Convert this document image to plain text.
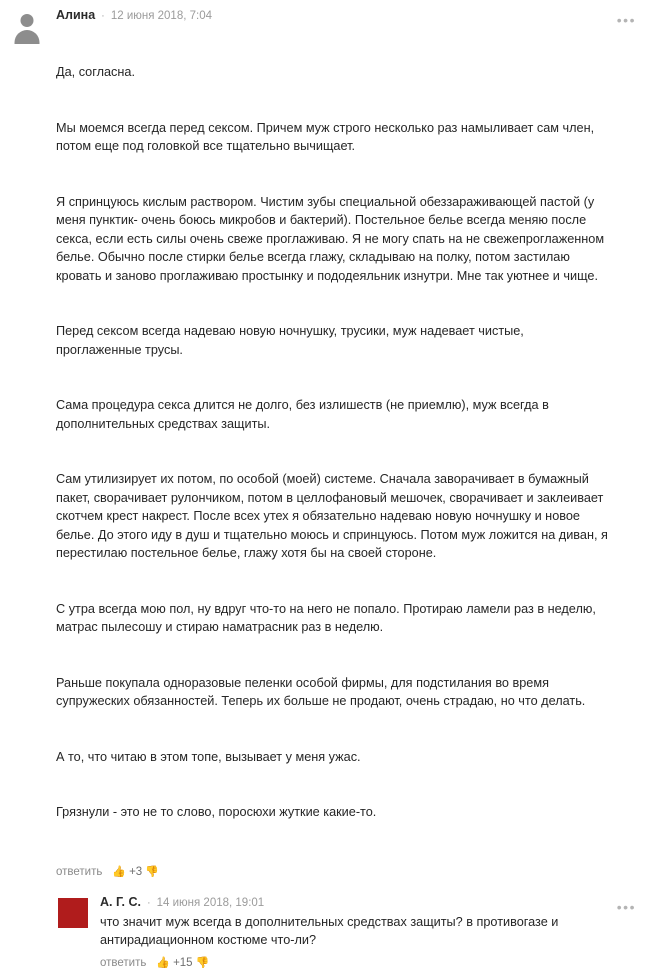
Алина · 12 июня 2018, 7:04

Да, согласна.

Мы моемся всегда перед сексом. Причем муж строго несколько раз намыливает сам член, потом еще под головкой все тщательно вычищает.

Я спринцуюсь кислым раствором. Чистим зубы специальной обеззараживающей пастой (у меня пунктик- очень боюсь микробов и бактерий). Постельное белье всегда меняю после секса, если есть силы очень свеже проглаживаю. Я не могу спать на не свежепроглаженном белье. Обычно после стирки белье всегда глажу, складываю на полку, потом застилаю кровать и заново проглаживаю простынку и пододеяльник изнутри. Мне так уютнее и чище.

Перед сексом всегда надеваю новую ночнушку, трусики, муж надевает чистые, проглаженные трусы.

Сама процедура секса длится не долго, без излишеств (не приемлю), муж всегда в дополнительных средствах защиты.

Сам утилизирует их потом, по особой (моей) системе. Сначала заворачивает в бумажный пакет, сворачивает рулончиком, потом в целлофановый мешочек, сворачивает и заклеивает скотчем крест накрест. После всех утех я обязательно надеваю новую ночнушку и новое белье. До этого иду в душ и тщательно моюсь и спринцуюсь. Потом муж ложится на диван, я перестилаю постельное белье, глажу хотя бы на своей стороне.

С утра всегда мою пол, ну вдруг что-то на него не попало. Протираю ламели раз в неделю, матрас пылесошу и стираю наматрасник раз в неделю.

Раньше покупала одноразовые пеленки особой фирмы, для подстилания во время супружеских обязанностей. Теперь их больше не продают, очень страдаю, но что делать.

А то, что читаю в этом топе, вызывает у меня ужас.

Грязнули - это не то слово, поросюхи жуткие какие-то.

ответить 👍 +3 👎
•••
А. Г. С. · 14 июня 2018, 19:01
что значит муж всегда в дополнительных средствах защиты? в противогазе и антирадиационном костюме что-ли?
ответить 👍 +15 👎
•••
